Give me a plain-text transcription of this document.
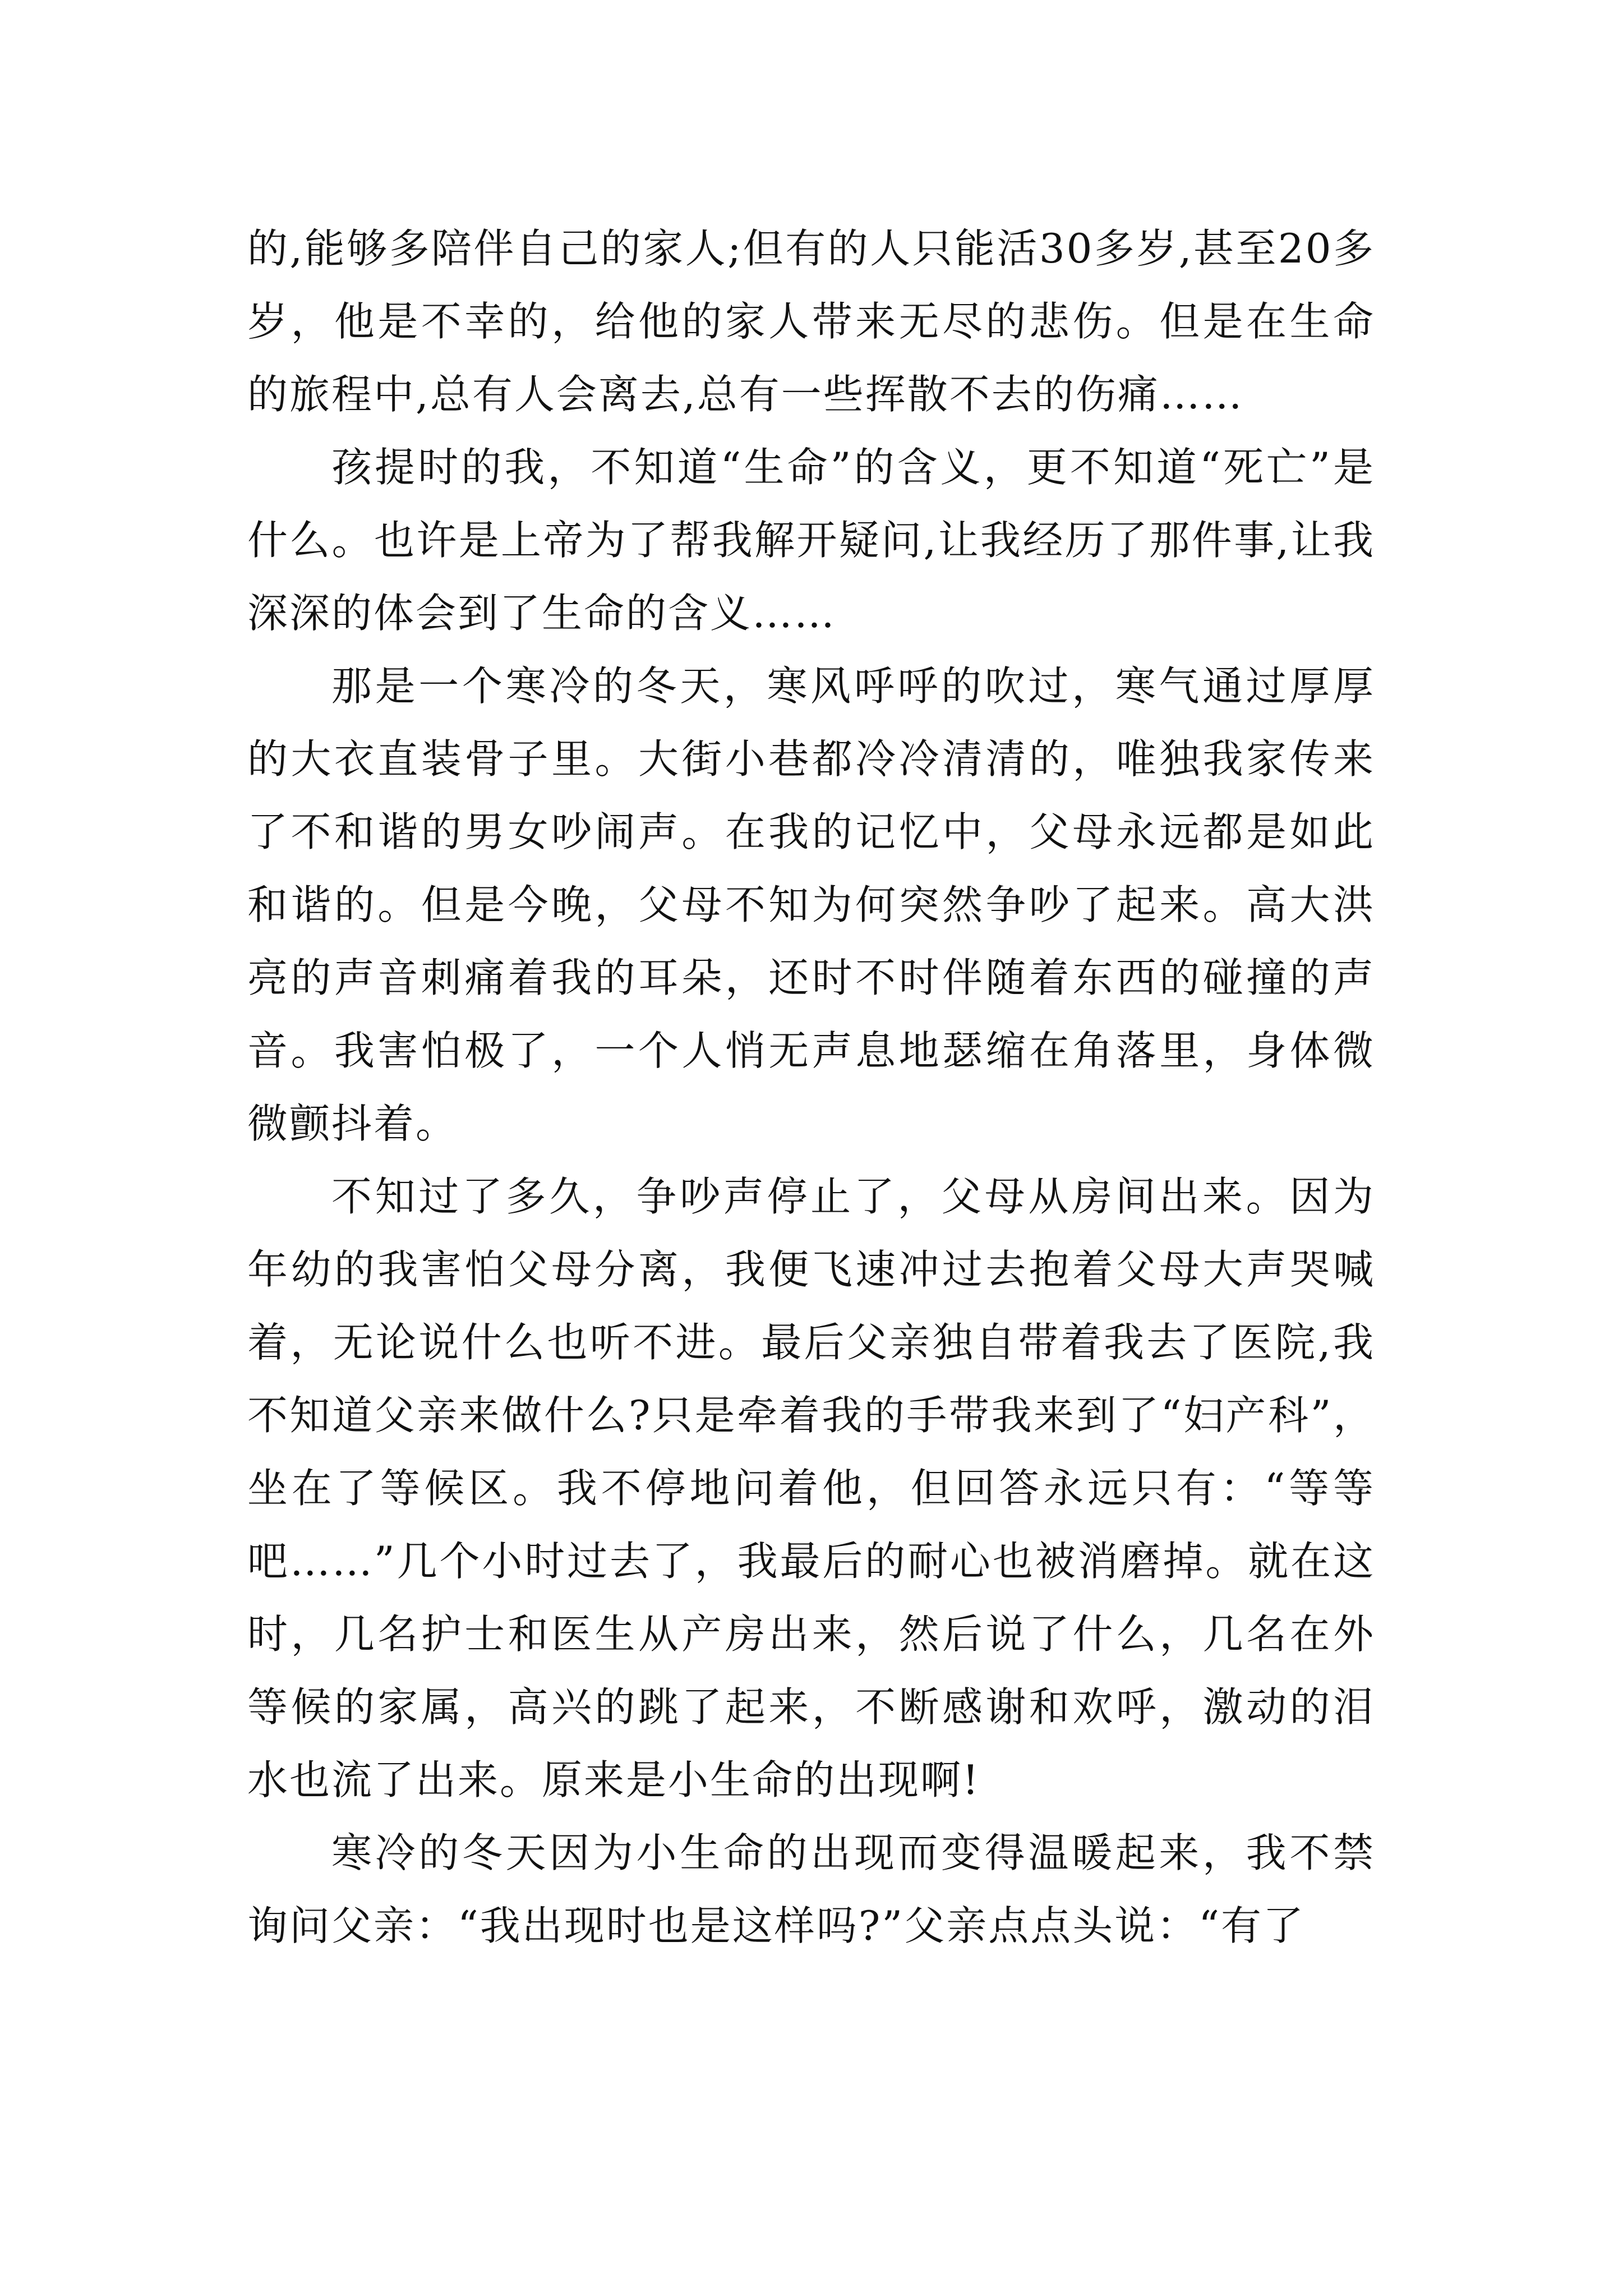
的,能够多陪伴自己的家人;但有的人只能活30多岁,甚至20多岁，他是不幸的，给他的家人带来无尽的悲伤。但是在生命的旅程中,总有人会离去,总有一些挥散不去的伤痛……

孩提时的我，不知道“生命”的含义，更不知道“死亡”是什么。也许是上帝为了帮我解开疑问,让我经历了那件事,让我深深的体会到了生命的含义……

那是一个寒冷的冬天，寒风呼呼的吹过，寒气通过厚厚的大衣直装骨子里。大街小巷都冷冷清清的，唯独我家传来了不和谐的男女吵闹声。在我的记忆中，父母永远都是如此和谐的。但是今晚，父母不知为何突然争吵了起来。高大洪亮的声音刺痛着我的耳朵，还时不时伴随着东西的碰撞的声音。我害怕极了，一个人悄无声息地瑟缩在角落里，身体微微颤抖着。

不知过了多久，争吵声停止了，父母从房间出来。因为年幼的我害怕父母分离，我便飞速冲过去抱着父母大声哭喊着，无论说什么也听不进。最后父亲独自带着我去了医院,我不知道父亲来做什么?只是牵着我的手带我来到了“妇产科”，坐在了等候区。我不停地问着他，但回答永远只有：“等等吧……”几个小时过去了，我最后的耐心也被消磨掉。就在这时，几名护士和医生从产房出来，然后说了什么，几名在外等候的家属，高兴的跳了起来，不断感谢和欢呼，激动的泪水也流了出来。原来是小生命的出现啊!

寒冷的冬天因为小生命的出现而变得温暖起来，我不禁询问父亲：“我出现时也是这样吗?”父亲点点头说：“有了
